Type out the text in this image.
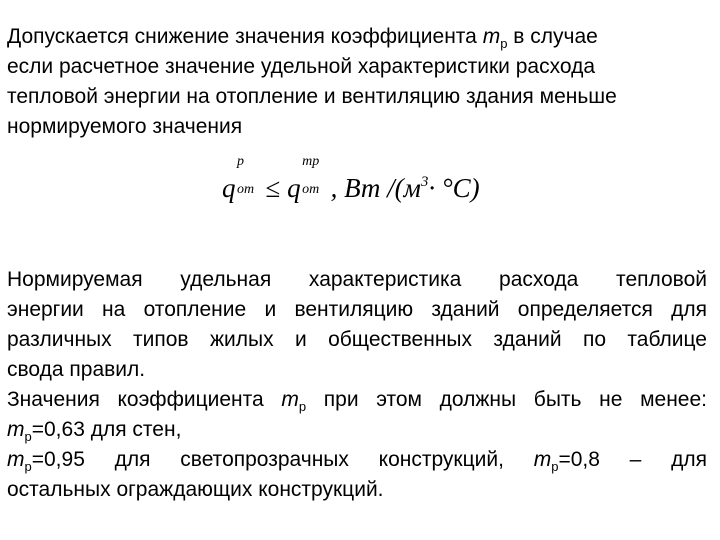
Допускается снижение значения коэффициента $m_р$ в случае
если расчетное значение удельной характеристики расхода
тепловой энергии на отопление и вентиляцию здания меньше
нормируемого значения
q
р
от ≤ q
тр
от , Вт $/(м^3\cdot ^\circ С)$
Нормируемая удельная характеристика расхода тепловой
энергии на отопление и вентиляцию зданий определяется для
различных типов жилых и общественных зданий по таблице
свода правил.
Значения коэффициента $m_р$ при этом должны быть не менее:
$m_р=0,63$ для стен,
$m_р=0,95$ для светопрозрачных конструкций, $m_р=0,8$ – для
остальных ограждающих конструкций.
